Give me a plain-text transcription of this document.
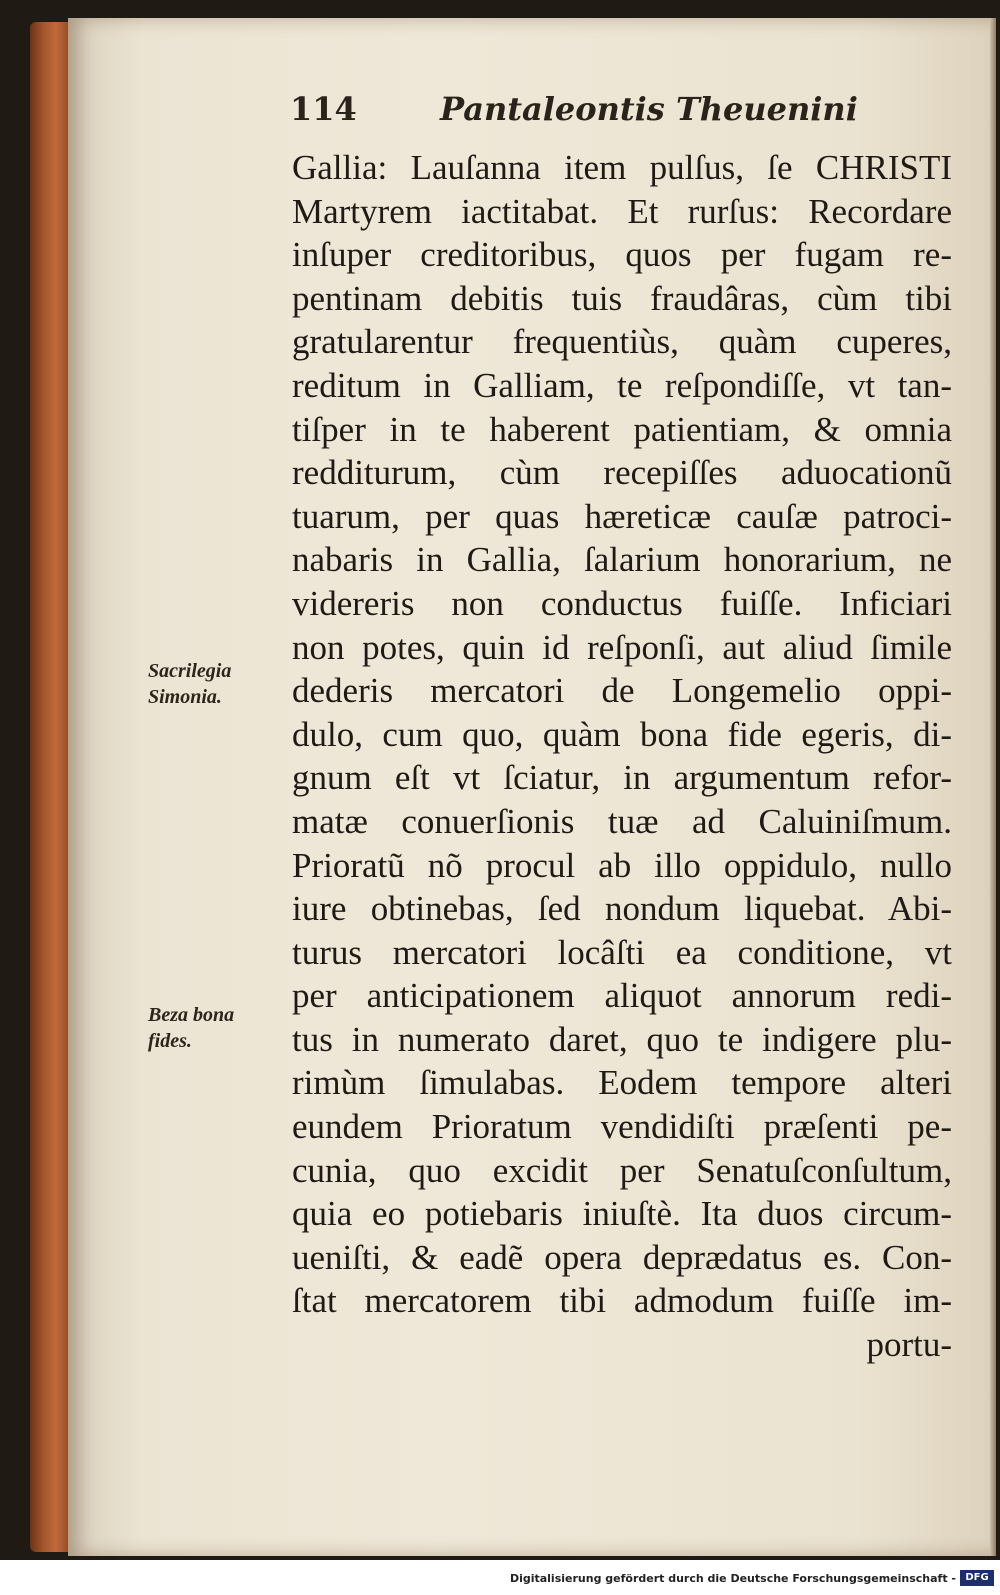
114	Pantaleontis Theuenini
Sacrilegia
Simonia.
Beza bona
fides.
Gallia: Lauſanna item pulſus, ſe CHRISTI
Martyrem iactitabat. Et rurſus: Recordare
inſuper creditoribus, quos per fugam re-
pentinam debitis tuis fraudâras, cùm tibi
gratularentur frequentiùs, quàm cuperes,
reditum in Galliam, te reſpondiſſe, vt tan-
tiſper in te haberent patientiam, & omnia
redditurum, cùm recepiſſes aduocationũ
tuarum, per quas hæreticæ cauſæ patroci-
nabaris in Gallia, ſalarium honorarium, ne
videreris non conductus fuiſſe. Inficiari
non potes, quin id reſponſi, aut aliud ſimile
dederis mercatori de Longemelio oppi-
dulo, cum quo, quàm bona fide egeris, di-
gnum eſt vt ſciatur, in argumentum refor-
matæ conuerſionis tuæ ad Caluiniſmum.
Prioratũ nõ procul ab illo oppidulo, nullo
iure obtinebas, ſed nondum liquebat. Abi-
turus mercatori locâſti ea conditione, vt
per anticipationem aliquot annorum redi-
tus in numerato daret, quo te indigere plu-
rimùm ſimulabas. Eodem tempore alteri
eundem Prioratum vendidiſti præſenti pe-
cunia, quo excidit per Senatuſconſultum,
quia eo potiebaris iniuſtè. Ita duos circum-
ueniſti, & eadẽ opera deprædatus es. Con-
ſtat mercatorem tibi admodum fuiſſe im-
portu-
Digitalisierung gefördert durch die Deutsche Forschungsgemeinschaft - DFG
